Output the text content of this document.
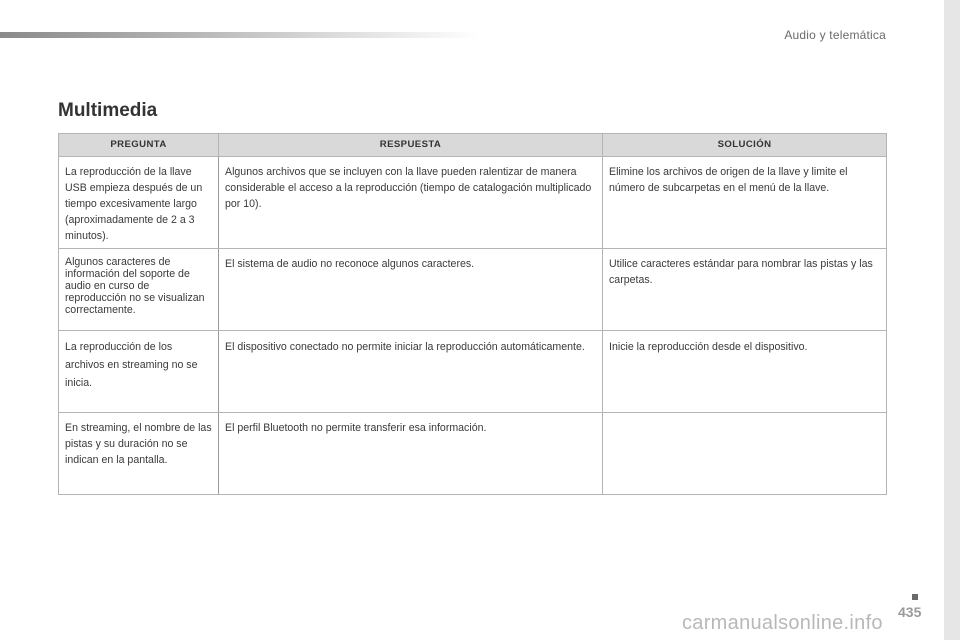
Audio y telemática
Multimedia
PREGUNTA	RESPUESTA	SOLUCIÓN
La reproducción de la llave USB empieza después de un tiempo excesivamente largo (aproximadamente de 2 a 3 minutos).	Algunos archivos que se incluyen con la llave pueden ralentizar de manera considerable el acceso a la reproducción (tiempo de catalogación multiplicado por 10).	Elimine los archivos de origen de la llave y limite el número de subcarpetas en el menú de la llave.
Algunos caracteres de información del soporte de audio en curso de reproducción no se visualizan correctamente.	El sistema de audio no reconoce algunos caracteres.	Utilice caracteres estándar para nombrar las pistas y las carpetas.
La reproducción de los archivos en streaming no se inicia.	El dispositivo conectado no permite iniciar la reproducción automáticamente.	Inicie la reproducción desde el dispositivo.
En streaming, el nombre de las pistas y su duración no se indican en la pantalla.	El perfil Bluetooth no permite transferir esa información.	
435
carmanualsonline.info
